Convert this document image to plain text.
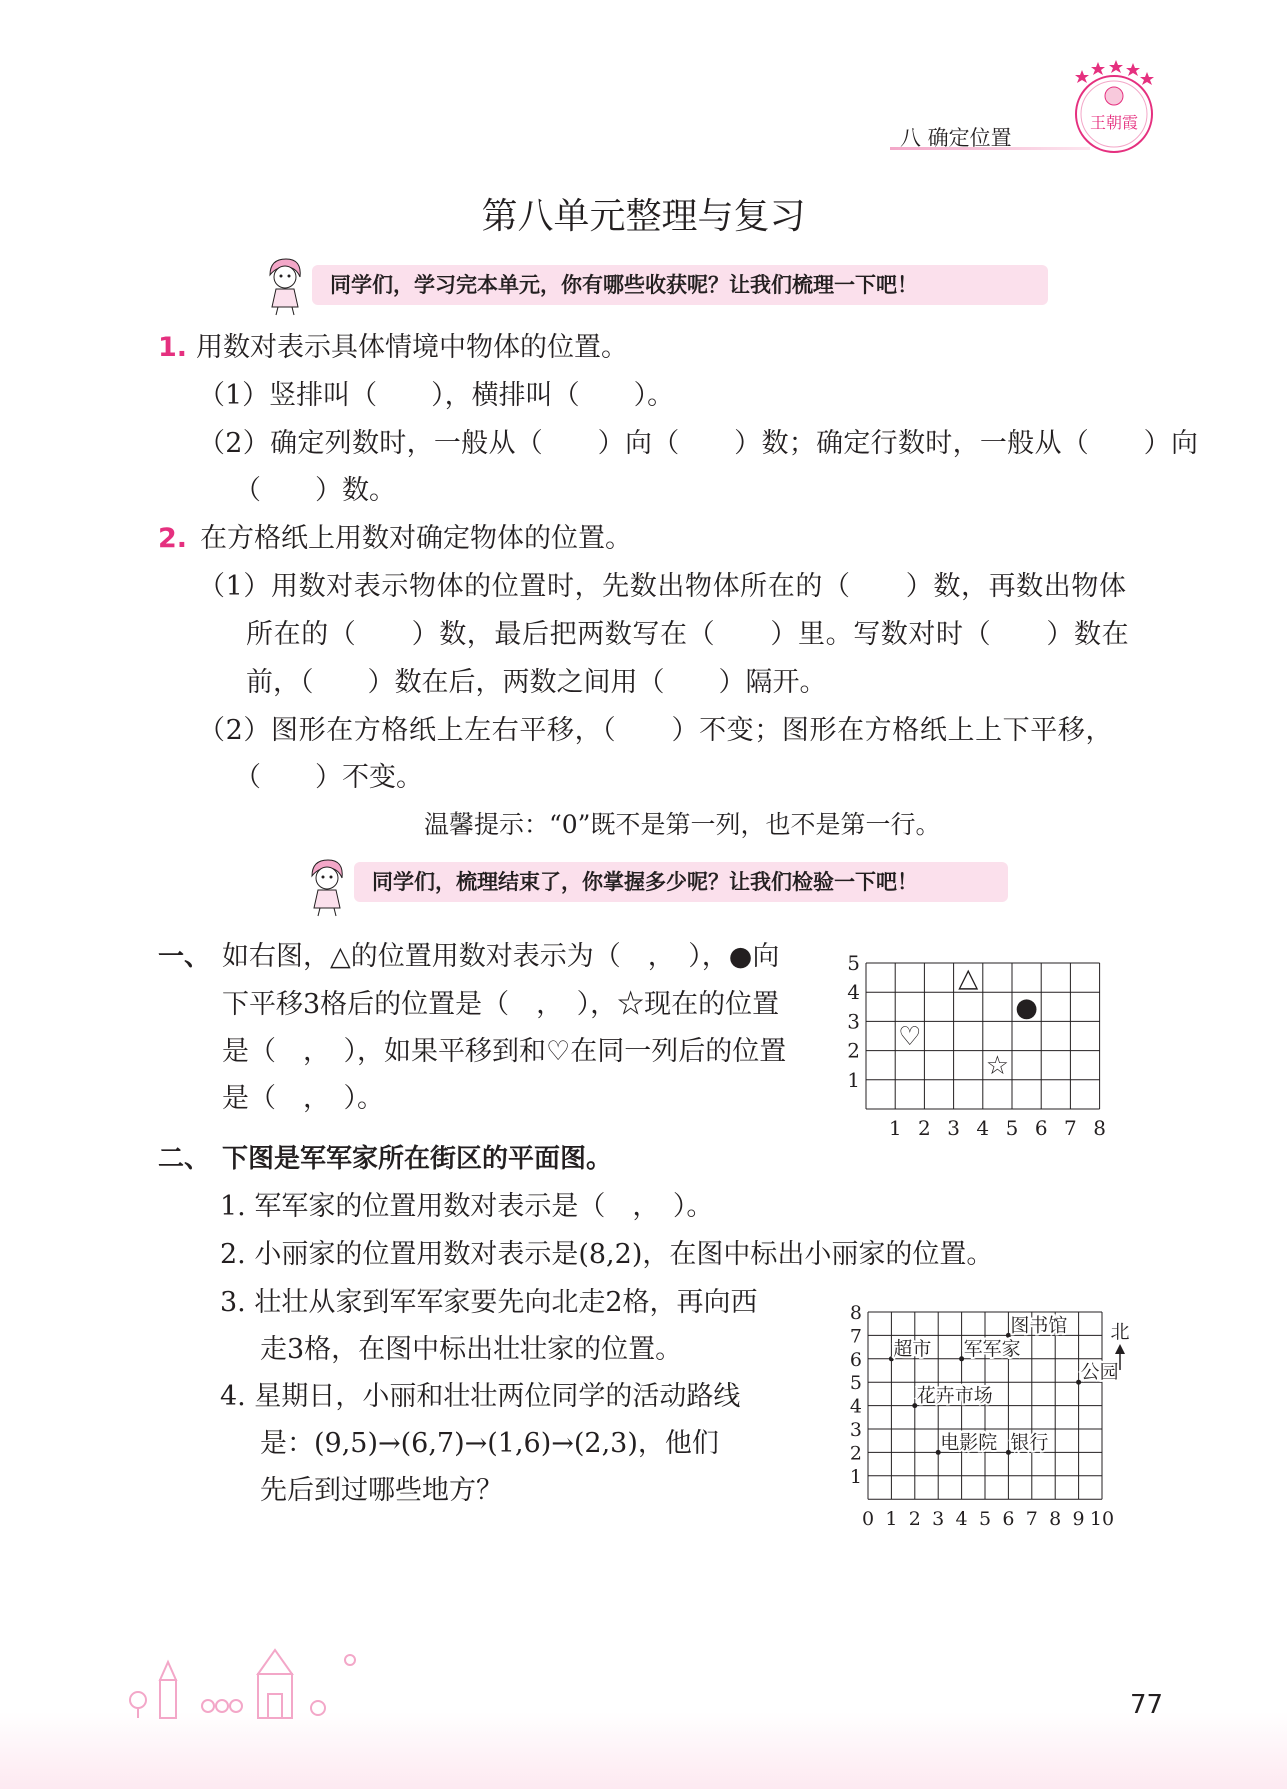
八 确定位置
王朝霞
第八单元整理与复习
同学们，学习完本单元，你有哪些收获呢？让我们梳理一下吧！
1. 用数对表示具体情境中物体的位置。
（1）竖排叫（　　），横排叫（　　）。
（2）确定列数时，一般从（　　）向（　　）数；确定行数时，一般从（　　）向
（　　）数。
2. 在方格纸上用数对确定物体的位置。
（1）用数对表示物体的位置时，先数出物体所在的（　　）数，再数出物体
所在的（　　）数，最后把两数写在（　　）里。写数对时（　　）数在
前，（　　）数在后，两数之间用（　　）隔开。
（2）图形在方格纸上左右平移，（　　）不变；图形在方格纸上上下平移，
（　　）不变。
温馨提示：“0”既不是第一列，也不是第一行。
同学们，梳理结束了，你掌握多少呢？让我们检验一下吧！
一、 如右图，△的位置用数对表示为（　，　），●向
下平移3格后的位置是（　，　），☆现在的位置
是（　，　），如果平移到和♡在同一列后的位置
是（　，　）。
1 2 3 4 5 6 7 8
1
2
3
4
5
△
●
♡
☆
二、 下图是军军家所在街区的平面图。
1. 军军家的位置用数对表示是（　，　）。
2. 小丽家的位置用数对表示是(8,2)，在图中标出小丽家的位置。
3. 壮壮从家到军军家要先向北走2格，再向西
走3格，在图中标出壮壮家的位置。
4. 星期日，小丽和壮壮两位同学的活动路线
是：(9,5)→(6,7)→(1,6)→(2,3)，他们
先后到过哪些地方？
0 1 2 3 4 5 6 7 8 9 10
1
2
3
4
5
6
7
8
图书馆
超市 军军家
公园
花卉市场
电影院 银行
北
77
